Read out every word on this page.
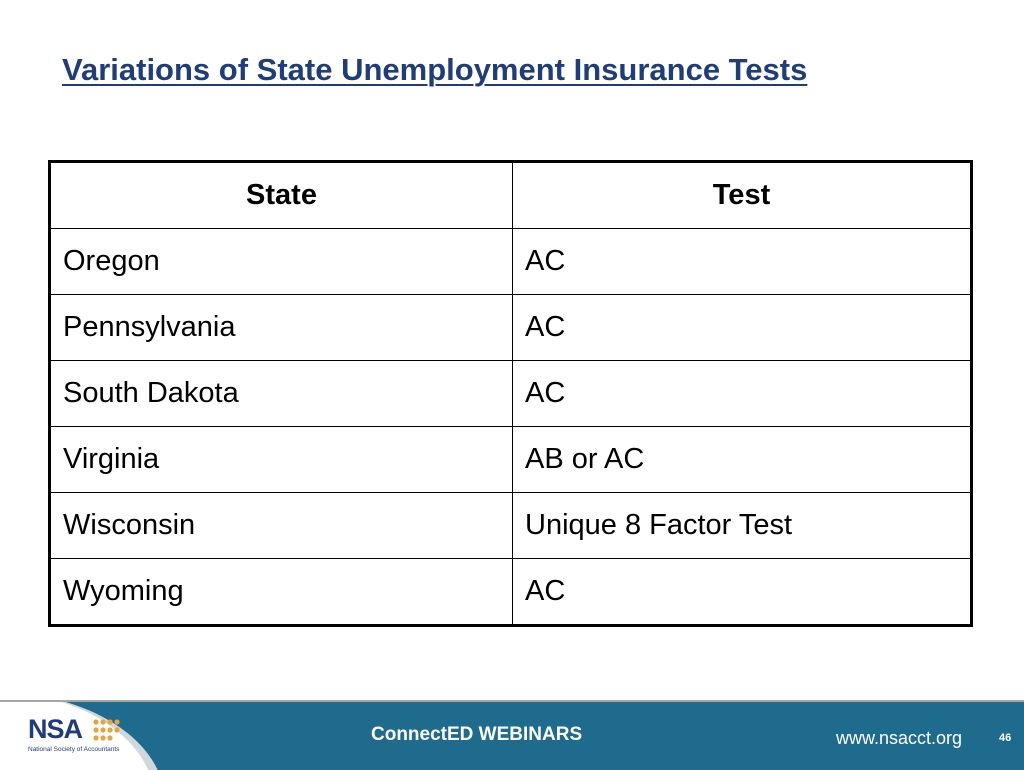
Variations of State Unemployment Insurance Tests
State	Test
Oregon	AC
Pennsylvania	AC
South Dakota	AC
Virginia	AB or AC
Wisconsin	Unique 8 Factor Test
Wyoming	AC
NSA
National Society of Accountants
ConnectED WEBINARS	www.nsacct.org	46
